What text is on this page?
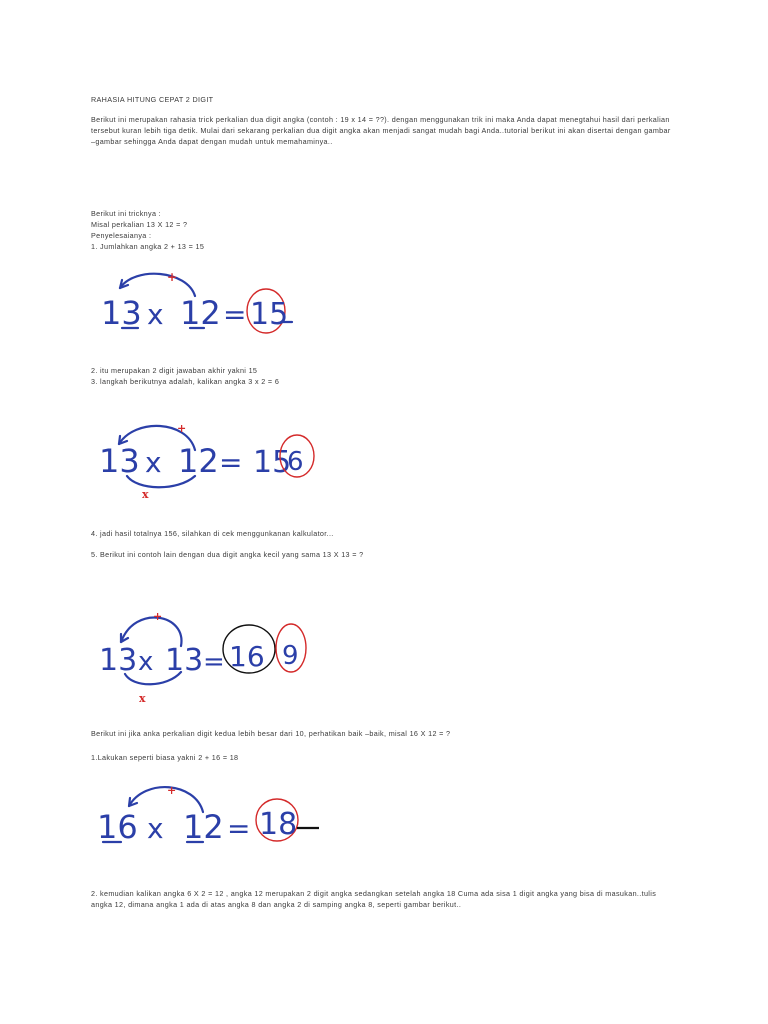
RAHASIA HITUNG CEPAT 2 DIGIT

Berikut ini merupakan rahasia trick perkalian dua digit angka (contoh : 19 x 14 = ??). dengan menggunakan trik ini maka Anda dapat menegtahui hasil dari perkalian tersebut kuran lebih tiga detik. Mulai dari sekarang perkalian dua digit angka akan menjadi sangat mudah bagi Anda..tutorial berikut ini akan disertai dengan gambar –gambar sehingga Anda dapat dengan mudah untuk memahaminya..

Berikut ini tricknya :

Misal perkalian 13 X 12 = ?

Penyelesaianya :

1. Jumlahkan angka 2 + 13 = 15

+
13 x 12 = 15

2. itu merupakan 2 digit jawaban akhir yakni 15

3. langkah berikutnya adalah, kalikan angka 3 x 2 = 6

+
13 x 12 = 15
6
x

4. jadi hasil totalnya 156, silahkan di cek menggunkanan kalkulator...

5. Berikut ini contoh lain dengan dua digit angka kecil yang sama 13 X 13 = ?

+
13 x 13 = 16 9
x

Berikut ini jika anka perkalian digit kedua lebih besar dari 10, perhatikan baik –baik, misal 16 X 12 = ?

1.Lakukan seperti biasa yakni 2 + 16 = 18

+
16 x 12 = 18

2. kemudian kalikan angka 6 X 2 = 12 , angka 12 merupakan 2 digit angka sedangkan setelah angka 18 Cuma ada sisa 1 digit angka yang bisa di masukan..tulis angka 12, dimana angka 1 ada di atas angka 8 dan angka 2 di samping angka 8, seperti gambar berikut..
